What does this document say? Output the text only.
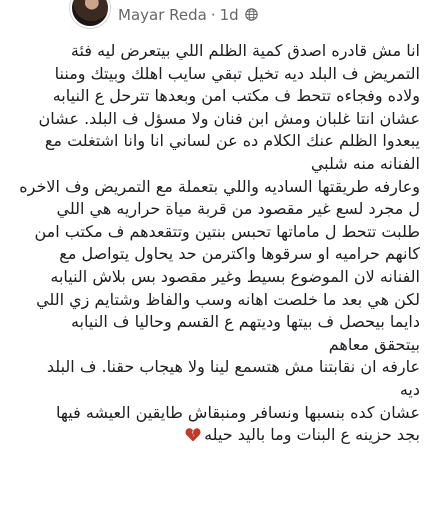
Mayar Reda · 1d
انا مش قادره اصدق كمية الظلم اللي بيتعرض ليه فئة
التمريض ف البلد ديه تخيل تبقي سايب اهلك وبيتك ومننا
ولاده وفجاءه تتحط ف مكتب امن وبعدها تترحل ع النيابه
عشان انتا غلبان ومش ابن فنان ولا مسؤل ف البلد. عشان
يبعدوا الظلم عنك الكلام ده عن لساني انا وانا اشتغلت مع
الفنانه منه شلبي
وعارفه طريقتها الساديه واللي بتعملة مع التمريض وف الاخره
ل مجرد لسع غير مقصود من قربة مياة حراريه هي اللي
طلبت تتحط ل ماماتها تحبس بنتين وتتقعدهم ف مكتب امن
كانهم حراميه او سرقوها واكترمن حد يحاول يتواصل مع
الفنانه لان الموضوع بسيط وغير مقصود بس بلاش النيابه
لكن هي بعد ما خلصت اهانه وسب والفاظ وشتايم زي اللي
دايما بيحصل ف بيتها وديتهم ع القسم وحاليا ف النيابه
بيتحقق معاهم
عارفه ان نقابتنا مش هتسمع لينا ولا هيجاب حقنا. ف البلد
ديه
عشان كده بنسبها ونسافر ومنبقاش طايقين العيشه فيها
بجد حزينه ع البنات وما باليد حيله
